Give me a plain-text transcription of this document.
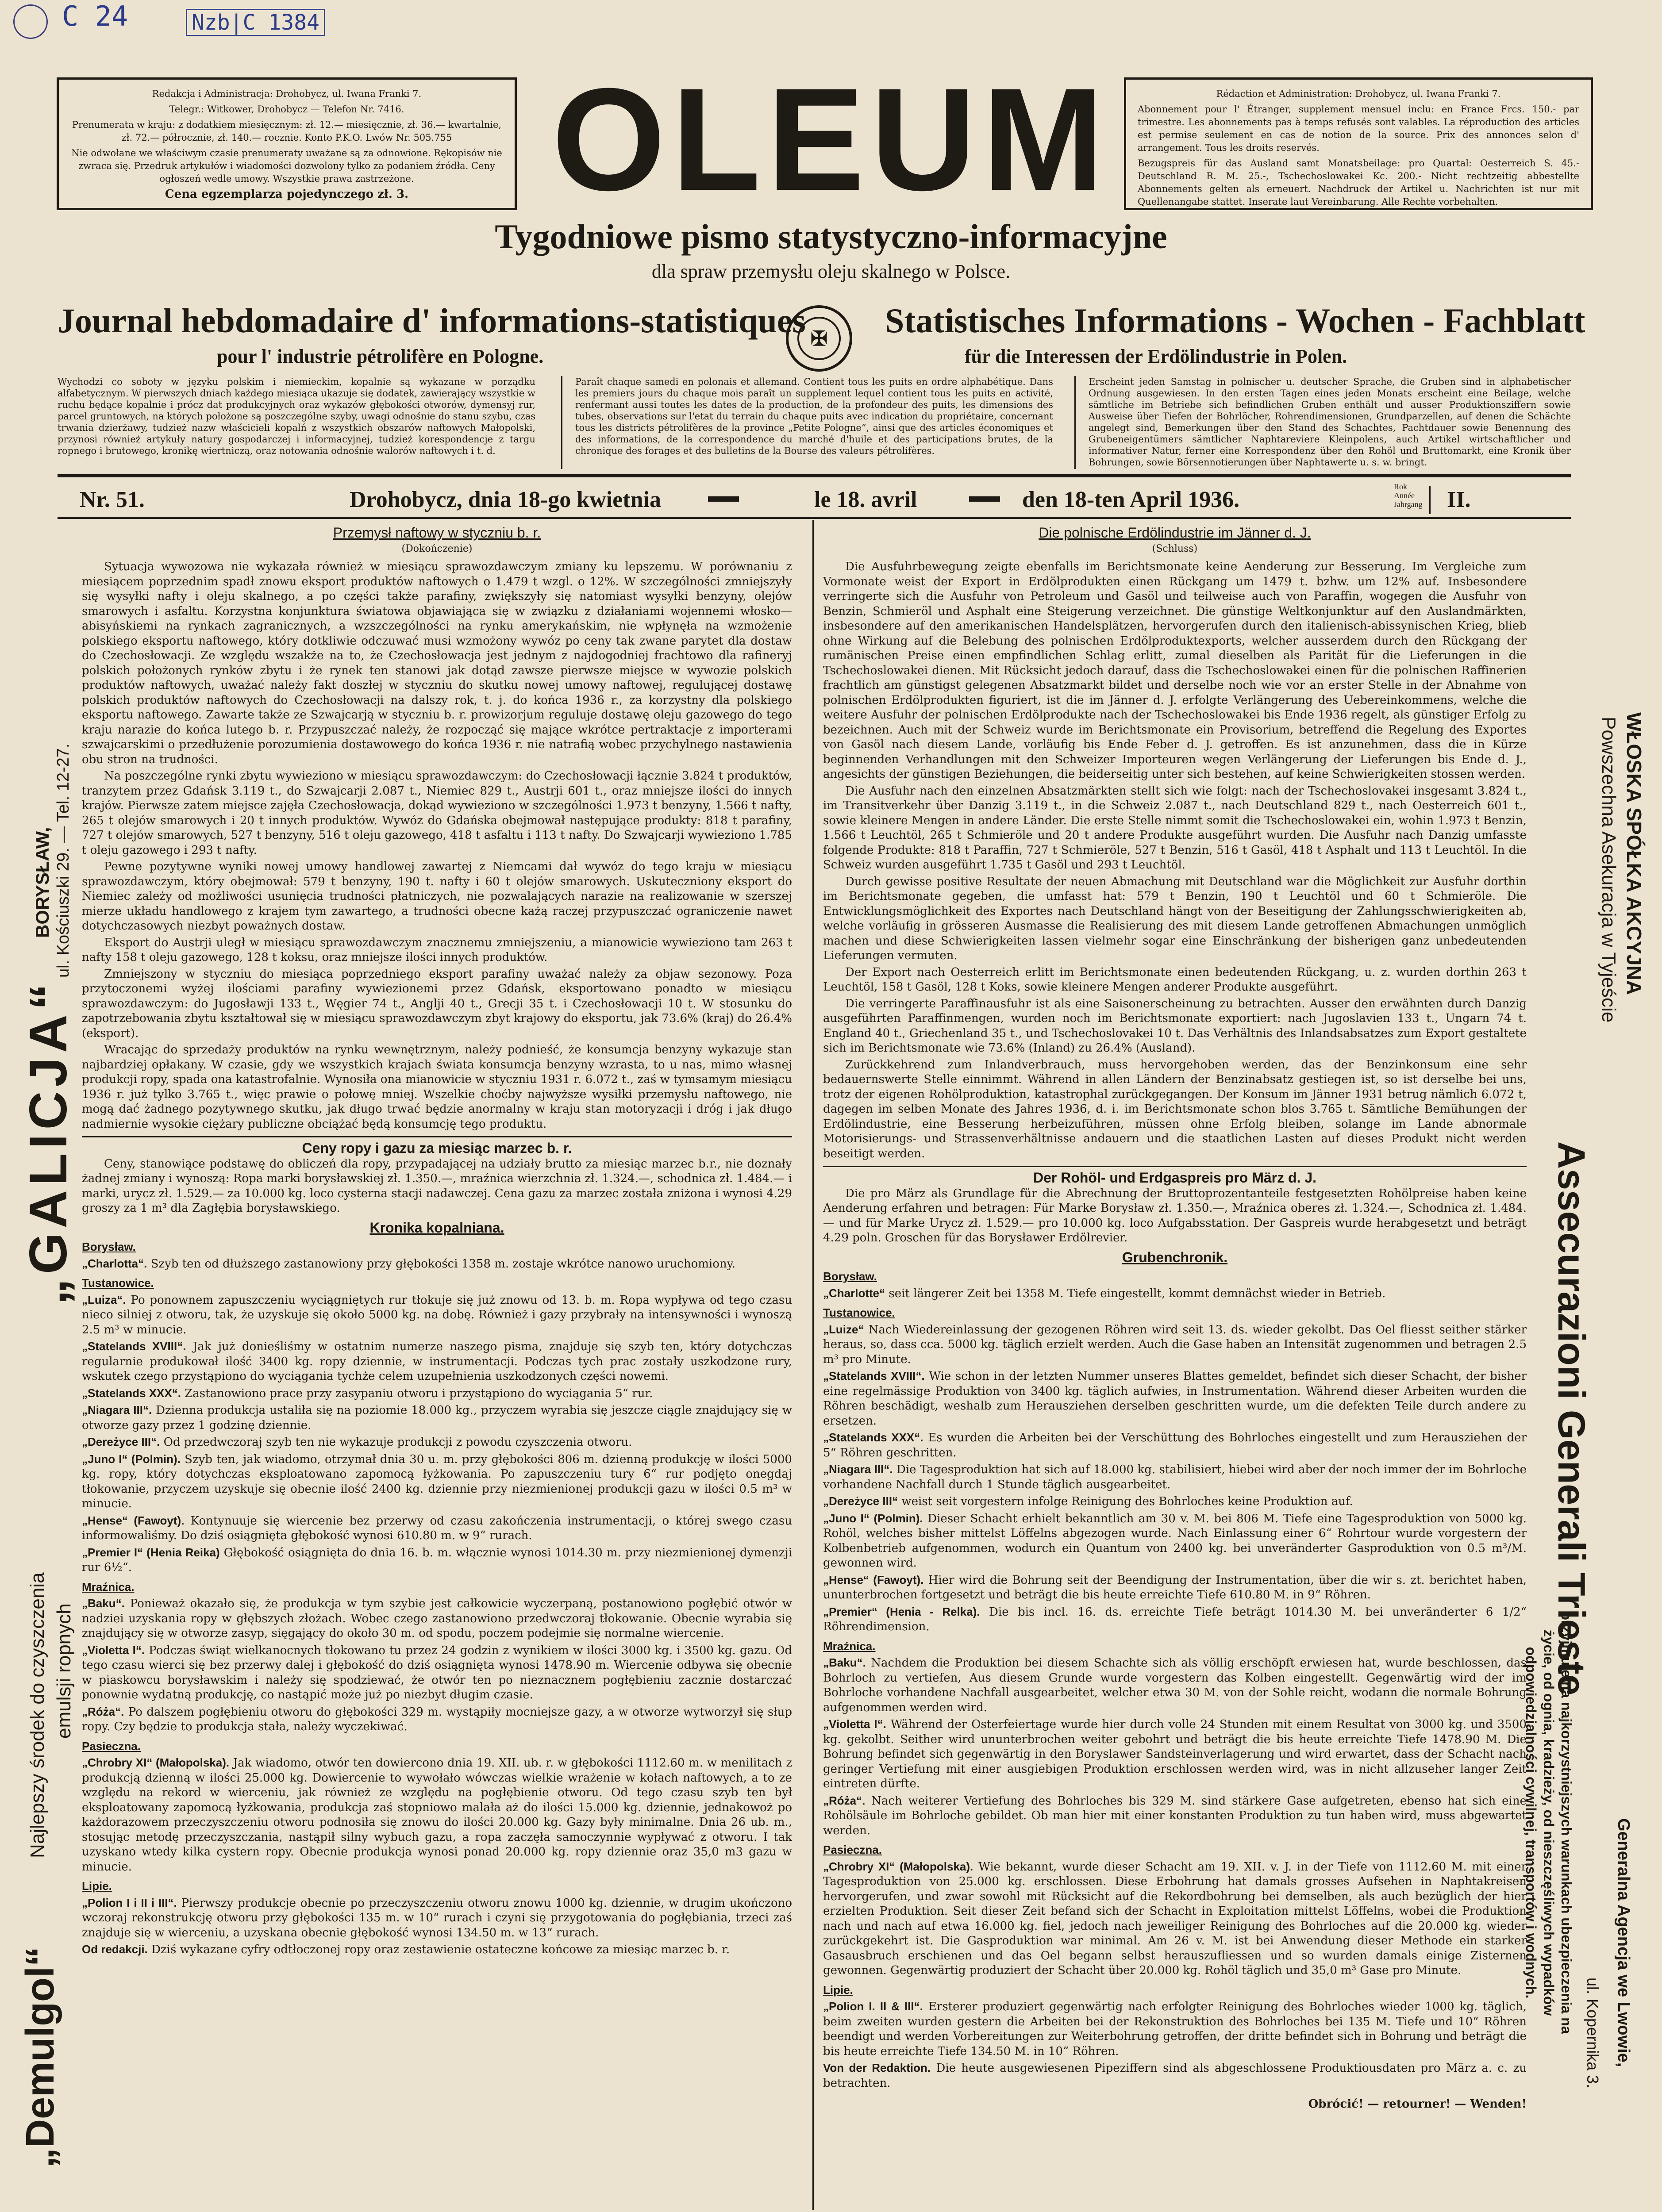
C 24	Nzb|C 1384

Redakcja i Administracja: Drohobycz, ul. Iwana Franki 7.

Telegr.: Witkower, Drohobycz — Telefon Nr. 7416.

Prenumerata w kraju: z dodatkiem miesięcznym: zł. 12.— miesięcznie, zł. 36.— kwartalnie, zł. 72.— półrocznie, zł. 140.— rocznie. Konto P.K.O. Lwów Nr. 505.755

Nie odwołane we właściwym czasie prenumeraty uważane są za odnowione. Rękopisów nie zwraca się. Przedruk artykułów i wiadomości dozwolony tylko za podaniem źródła. Ceny ogłoszeń wedle umowy. Wszystkie prawa zastrzeżone.

Cena egzemplarza pojedynczego zł. 3.

Rédaction et Administration: Drohobycz, ul. Iwana Franki 7.

Abonnement pour l' Étranger, supplement mensuel inclu: en France Frcs. 150.- par trimestre. Les abonnements pas à temps refusés sont valables. La réproduction des articles est permise seulement en cas de notion de la source. Prix des annonces selon d' arrangement. Tous les droits reservés.

Bezugspreis für das Ausland samt Monatsbeilage: pro Quartal: Oesterreich S. 45.- Deutschland R. M. 25.-, Tschechoslowakei Kc. 200.- Nicht rechtzeitig abbestellte Abonnements gelten als erneuert. Nachdruck der Artikel u. Nachrichten ist nur mit Quellenangabe stattet. Inserate laut Vereinbarung. Alle Rechte vorbehalten.

OLEUM
Tygodniowe pismo statystyczno-informacyjne
dla spraw przemysłu oleju skalnego w Polsce.
Journal hebdomadaire d' informations-statistiques
pour l' industrie pétrolifère en Pologne.
✠	Statistisches Informations - Wochen - Fachblatt
für die Interessen der Erdölindustrie in Polen.
Wychodzi co soboty w języku polskim i niemieckim, kopalnie są wykazane w porządku alfabetycznym. W pierwszych dniach każdego miesiąca ukazuje się dodatek, zawierający wszystkie w ruchu będące kopalnie i prócz dat produkcyjnych oraz wykazów głębokości otworów, dymensyj rur, parcel gruntowych, na których położone są poszczególne szyby, uwagi odnośnie do stanu szybu, czas trwania dzierżawy, tudzież nazw właścicieli kopalń z wszystkich obszarów naftowych Małopolski, przynosi również artykuły natury gospodarczej i informacyjnej, tudzież korespondencje z targu ropnego i brutowego, kronikę wiertniczą, oraz notowania odnośnie walorów naftowych i t. d.
Paraît chaque samedi en polonais et allemand. Contient tous les puits en ordre alphabétique. Dans les premiers jours du chaque mois paraît un supplement lequel contient tous les puits en activité, renfermant aussi toutes les dates de la production, de la profondeur des puits, les dimensions des tubes, observations sur l'etat du terrain du chaque puits avec indication du propriétaire, concernant tous les districts pétrolifères de la province „Petite Pologne”, ainsi que des articles économiques et des informations, de la correspondence du marché d'huile et des participations brutes, de la chronique des forages et des bulletins de la Bourse des valeurs pétrolifères.
Erscheint jeden Samstag in polnischer u. deutscher Sprache, die Gruben sind in alphabetischer Ordnung ausgewiesen. In den ersten Tagen eines jeden Monats erscheint eine Beilage, welche sämtliche im Betriebe sich befindlichen Gruben enthält und ausser Produktionsziffern sowie Ausweise über Tiefen der Bohrlöcher, Rohrendimensionen, Grundparzellen, auf denen die Schächte angelegt sind, Bemerkungen über den Stand des Schachtes, Pachtdauer sowie Benennung des Grubeneigentümers sämtlicher Naphtareviere Kleinpolens, auch Artikel wirtschaftlicher und informativer Natur, ferner eine Korrespondenz über den Rohöl und Bruttomarkt, eine Kronik über Bohrungen, sowie Börsennotierungen über Naphtawerte u. s. w. bringt.
Nr. 51.	Drohobycz, dnia 18-go kwietnia	le 18. avril	den 18-ten April 1936.
Rok
Année
Jahrgang II.
Przemysł naftowy w styczniu b. r.
(Dokończenie)

Sytuacja wywozowa nie wykazała również w miesiącu sprawozdawczym zmiany ku lepszemu. W porównaniu z miesiącem poprzednim spadł znowu eksport produktów naftowych o 1.479 t wzgl. o 12%. W szczególności zmniejszyły się wysyłki nafty i oleju skalnego, a po części także parafiny, zwiększyły się natomiast wysyłki benzyny, olejów smarowych i asfaltu. Korzystna konjunktura światowa objawiająca się w związku z działaniami wojennemi włosko—abisyńskiemi na rynkach zagranicznych, a wzszczególności na rynku amerykańskim, nie wpłynęła na wzmożenie polskiego eksportu naftowego, który dotkliwie odczuwać musi wzmożony wywóz po ceny tak zwane parytet dla dostaw do Czechosłowacji. Ze względu wszakże na to, że Czechosłowacja jest jednym z najdogodniej frachtowo dla rafineryj polskich położonych rynków zbytu i że rynek ten stanowi jak dotąd zawsze pierwsze miejsce w wywozie polskich produktów naftowych, uważać należy fakt doszłej w styczniu do skutku nowej umowy naftowej, regulującej dostawę polskich produktów naftowych do Czechosłowacji na dalszy rok, t. j. do końca 1936 r., za korzystny dla polskiego eksportu naftowego. Zawarte także ze Szwajcarją w styczniu b. r. prowizorjum reguluje dostawę oleju gazowego do tego kraju narazie do końca lutego b. r. Przypuszczać należy, że rozpocząć się mające wkrótce pertraktacje z importerami szwajcarskimi o przedłużenie porozumienia dostawowego do końca 1936 r. nie natrafią wobec przychylnego nastawienia obu stron na trudności.

Na poszczególne rynki zbytu wywieziono w miesiącu sprawozdawczym: do Czechosłowacji łącznie 3.824 t produktów, tranzytem przez Gdańsk 3.119 t., do Szwajcarji 2.087 t., Niemiec 829 t., Austrji 601 t., oraz mniejsze ilości do innych krajów. Pierwsze zatem miejsce zajęła Czechosłowacja, dokąd wywieziono w szczególności 1.973 t benzyny, 1.566 t nafty, 265 t olejów smarowych i 20 t innych produktów. Wywóz do Gdańska obejmował następujące produkty: 818 t parafiny, 727 t olejów smarowych, 527 t benzyny, 516 t oleju gazowego, 418 t asfaltu i 113 t nafty. Do Szwajcarji wywieziono 1.785 t oleju gazowego i 293 t nafty.

Pewne pozytywne wyniki nowej umowy handlowej zawartej z Niemcami dał wywóz do tego kraju w miesiącu sprawozdawczym, który obejmował: 579 t benzyny, 190 t. nafty i 60 t olejów smarowych. Uskuteczniony eksport do Niemiec zależy od możliwości usunięcia trudności płatniczych, nie pozwalających narazie na realizowanie w szerszej mierze układu handlowego z krajem tym zawartego, a trudności obecne każą raczej przypuszczać ograniczenie nawet dotychczasowych niezbyt poważnych dostaw.

Eksport do Austrji uległ w miesiącu sprawozdawczym znacznemu zmniejszeniu, a mianowicie wywieziono tam 263 t nafty 158 t oleju gazowego, 128 t koksu, oraz mniejsze ilości innych produktów.

Zmniejszony w styczniu do miesiąca poprzedniego eksport parafiny uważać należy za objaw sezonowy. Poza przytoczonemi wyżej ilościami parafiny wywiezionemi przez Gdańsk, eksportowano ponadto w miesiącu sprawozdawczym: do Jugosławji 133 t., Węgier 74 t., Anglji 40 t., Grecji 35 t. i Czechosłowacji 10 t. W stosunku do zapotrzebowania zbytu kształtował się w miesiącu sprawozdawczym zbyt krajowy do eksportu, jak 73.6% (kraj) do 26.4% (eksport).

Wracając do sprzedaży produktów na rynku wewnętrznym, należy podnieść, że konsumcja benzyny wykazuje stan najbardziej opłakany. W czasie, gdy we wszystkich krajach świata konsumcja benzyny wzrasta, to u nas, mimo własnej produkcji ropy, spada ona katastrofalnie. Wynosiła ona mianowicie w styczniu 1931 r. 6.072 t., zaś w tymsamym miesiącu 1936 r. już tylko 3.765 t., więc prawie o połowę mniej. Wszelkie choćby najwyższe wysiłki przemysłu naftowego, nie mogą dać żadnego pozytywnego skutku, jak długo trwać będzie anormalny w kraju stan motoryzacji i dróg i jak długo nadmiernie wysokie ciężary publiczne obciążać będą konsumcję tego produktu.

Ceny ropy i gazu za miesiąc marzec b. r.

Ceny, stanowiące podstawę do obliczeń dla ropy, przypadającej na udziały brutto za miesiąc marzec b.r., nie doznały żadnej zmiany i wynoszą: Ropa marki borysławskiej zł. 1.350.—, mraźnica wierzchnia zł. 1.324.—, schodnica zł. 1.484.— i marki, urycz zł. 1.529.— za 10.000 kg. loco cysterna stacji nadawczej. Cena gazu za marzec została zniżona i wynosi 4.29 groszy za 1 m³ dla Zagłębia borysławskiego.

Kronika kopalniana.

Borysław.

„Charlotta“. Szyb ten od dłuższego zastanowiony przy głębokości 1358 m. zostaje wkrótce nanowo uruchomiony.

Tustanowice.

„Luiza“. Po ponownem zapuszczeniu wyciągniętych rur tłokuje się już znowu od 13. b. m. Ropa wypływa od tego czasu nieco silniej z otworu, tak, że uzyskuje się około 5000 kg. na dobę. Również i gazy przybrały na intensywności i wynoszą 2.5 m³ w minucie.

„Statelands XVIII“. Jak już donieśliśmy w ostatnim numerze naszego pisma, znajduje się szyb ten, który dotychczas regularnie produkował ilość 3400 kg. ropy dziennie, w instrumentacji. Podczas tych prac zostały uszkodzone rury, wskutek czego przystąpiono do wyciągania tychże celem uzupełnienia uszkodzonych części nowemi.

„Statelands XXX“. Zastanowiono prace przy zasypaniu otworu i przystąpiono do wyciągania 5“ rur.

„Niagara III“. Dzienna produkcja ustaliła się na poziomie 18.000 kg., przyczem wyrabia się jeszcze ciągle znajdujący się w otworze gazy przez 1 godzinę dziennie.

„Dereżyce III“. Od przedwczoraj szyb ten nie wykazuje produkcji z powodu czyszczenia otworu.

„Juno I“ (Polmin). Szyb ten, jak wiadomo, otrzymał dnia 30 u. m. przy głębokości 806 m. dzienną produkcję w ilości 5000 kg. ropy, który dotychczas eksploatowano zapomocą łyżkowania. Po zapuszczeniu tury 6“ rur podjęto onegdaj tłokowanie, przyczem uzyskuje się obecnie ilość 2400 kg. dziennie przy niezmienionej produkcji gazu w ilości 0.5 m³ w minucie.

„Hense“ (Fawoyt). Kontynuuje się wiercenie bez przerwy od czasu zakończenia instrumentacji, o której swego czasu informowaliśmy. Do dziś osiągnięta głębokość wynosi 610.80 m. w 9“ rurach.

„Premier I“ (Henia Reika) Głębokość osiągnięta do dnia 16. b. m. włącznie wynosi 1014.30 m. przy niezmienionej dymenzji rur 6½“.

Mraźnica.

„Baku“. Ponieważ okazało się, że produkcja w tym szybie jest całkowicie wyczerpaną, postanowiono pogłębić otwór w nadziei uzyskania ropy w głębszych złożach. Wobec czego zastanowiono przedwczoraj tłokowanie. Obecnie wyrabia się znajdujący się w otworze zasyp, sięgający do około 30 m. od spodu, poczem podejmie się normalne wiercenie.

„Violetta I“. Podczas świąt wielkanocnych tłokowano tu przez 24 godzin z wynikiem w ilości 3000 kg. i 3500 kg. gazu. Od tego czasu wierci się bez przerwy dalej i głębokość do dziś osiągnięta wynosi 1478.90 m. Wiercenie odbywa się obecnie w piaskowcu borysławskim i należy się spodziewać, że otwór ten po nieznacznem pogłębieniu zacznie dostarczać ponownie wydatną produkcję, co nastąpić może już po niezbyt długim czasie.

„Róża“. Po dalszem pogłębieniu otworu do głębokości 329 m. wystąpiły mocniejsze gazy, a w otworze wytworzył się słup ropy. Czy będzie to produkcja stała, należy wyczekiwać.

Pasieczna.

„Chrobry XI“ (Małopolska). Jak wiadomo, otwór ten dowiercono dnia 19. XII. ub. r. w głębokości 1112.60 m. w menilitach z produkcją dzienną w ilości 25.000 kg. Dowiercenie to wywołało wówczas wielkie wrażenie w kołach naftowych, a to ze względu na rekord w wierceniu, jak również ze względu na pogłębienie otworu. Od tego czasu szyb ten był eksploatowany zapomocą łyżkowania, produkcja zaś stopniowo malała aż do ilości 15.000 kg. dziennie, jednakowoż po każdorazowem przeczyszczeniu otworu podnosiła się znowu do ilości 20.000 kg. Gazy były minimalne. Dnia 26 ub. m., stosując metodę przeczyszczania, nastąpił silny wybuch gazu, a ropa zaczęła samoczynnie wypływać z otworu. I tak uzyskano wtedy kilka cystern ropy. Obecnie produkcja wynosi ponad 20.000 kg. ropy dziennie oraz 35,0 m3 gazu w minucie.

Lipie.

„Polion I i II i III“. Pierwszy produkcje obecnie po przeczyszczeniu otworu znowu 1000 kg. dziennie, w drugim ukończono wczoraj rekonstrukcję otworu przy głębokości 135 m. w 10“ rurach i czyni się przygotowania do pogłębiania, trzeci zaś znajduje się w wierceniu, a uzyskana obecnie głębokość wynosi 134.50 m. w 13“ rurach.

Od redakcji. Dziś wykazane cyfry odtłoczonej ropy oraz zestawienie ostateczne końcowe za miesiąc marzec b. r.

Die polnische Erdölindustrie im Jänner d. J.
(Schluss)

Die Ausfuhrbewegung zeigte ebenfalls im Berichtsmonate keine Aenderung zur Besserung. Im Vergleiche zum Vormonate weist der Export in Erdölprodukten einen Rückgang um 1479 t. bzhw. um 12% auf. Insbesondere verringerte sich die Ausfuhr von Petroleum und Gasöl und teilweise auch von Paraffin, wogegen die Ausfuhr von Benzin, Schmieröl und Asphalt eine Steigerung verzeichnet. Die günstige Weltkonjunktur auf den Auslandmärkten, insbesondere auf den amerikanischen Handelsplätzen, hervorgerufen durch den italienisch-abissynischen Krieg, blieb ohne Wirkung auf die Belebung des polnischen Erdölproduktexports, welcher ausserdem durch den Rückgang der rumänischen Preise einen empfindlichen Schlag erlitt, zumal dieselben als Parität für die Lieferungen in die Tschechoslowakei dienen. Mit Rücksicht jedoch darauf, dass die Tschechoslowakei einen für die polnischen Raffinerien frachtlich am günstigst gelegenen Absatzmarkt bildet und derselbe noch wie vor an erster Stelle in der Abnahme von polnischen Erdölprodukten figuriert, ist die im Jänner d. J. erfolgte Verlängerung des Uebereinkommens, welche die weitere Ausfuhr der polnischen Erdölprodukte nach der Tschechoslowakei bis Ende 1936 regelt, als günstiger Erfolg zu bezeichnen. Auch mit der Schweiz wurde im Berichtsmonate ein Provisorium, betreffend die Regelung des Exportes von Gasöl nach diesem Lande, vorläufig bis Ende Feber d. J. getroffen. Es ist anzunehmen, dass die in Kürze beginnenden Verhandlungen mit den Schweizer Importeuren wegen Verlängerung der Lieferungen bis Ende d. J., angesichts der günstigen Beziehungen, die beiderseitig unter sich bestehen, auf keine Schwierigkeiten stossen werden.

Die Ausfuhr nach den einzelnen Absatzmärkten stellt sich wie folgt: nach der Tschechoslovakei insgesamt 3.824 t., im Transitverkehr über Danzig 3.119 t., in die Schweiz 2.087 t., nach Deutschland 829 t., nach Oesterreich 601 t., sowie kleinere Mengen in andere Länder. Die erste Stelle nimmt somit die Tschechoslowakei ein, wohin 1.973 t Benzin, 1.566 t Leuchtöl, 265 t Schmieröle und 20 t andere Produkte ausgeführt wurden. Die Ausfuhr nach Danzig umfasste folgende Produkte: 818 t Paraffin, 727 t Schmieröle, 527 t Benzin, 516 t Gasöl, 418 t Asphalt und 113 t Leuchtöl. In die Schweiz wurden ausgeführt 1.735 t Gasöl und 293 t Leuchtöl.

Durch gewisse positive Resultate der neuen Abmachung mit Deutschland war die Möglichkeit zur Ausfuhr dorthin im Berichtsmonate gegeben, die umfasst hat: 579 t Benzin, 190 t Leuchtöl und 60 t Schmieröle. Die Entwicklungsmöglichkeit des Exportes nach Deutschland hängt von der Beseitigung der Zahlungsschwierigkeiten ab, welche vorläufig in grösseren Ausmasse die Realisierung des mit diesem Lande getroffenen Abmachungen unmöglich machen und diese Schwierigkeiten lassen vielmehr sogar eine Einschränkung der bisherigen ganz unbedeutenden Lieferungen vermuten.

Der Export nach Oesterreich erlitt im Berichtsmonate einen bedeutenden Rückgang, u. z. wurden dorthin 263 t Leuchtöl, 158 t Gasöl, 128 t Koks, sowie kleinere Mengen anderer Produkte ausgeführt.

Die verringerte Paraffinausfuhr ist als eine Saisonerscheinung zu betrachten. Ausser den erwähnten durch Danzig ausgeführten Paraffinmengen, wurden noch im Berichtsmonate exportiert: nach Jugoslavien 133 t., Ungarn 74 t. England 40 t., Griechenland 35 t., und Tschechoslovakei 10 t. Das Verhältnis des Inlandsabsatzes zum Export gestaltete sich im Berichtsmonate wie 73.6% (Inland) zu 26.4% (Ausland).

Zurückkehrend zum Inlandverbrauch, muss hervorgehoben werden, das der Benzinkonsum eine sehr bedauernswerte Stelle einnimmt. Während in allen Ländern der Benzinabsatz gestiegen ist, so ist derselbe bei uns, trotz der eigenen Rohölproduktion, katastrophal zurückgegangen. Der Konsum im Jänner 1931 betrug nämlich 6.072 t, dagegen im selben Monate des Jahres 1936, d. i. im Berichtsmonate schon blos 3.765 t. Sämtliche Bemühungen der Erdölindustrie, eine Besserung herbeizuführen, müssen ohne Erfolg bleiben, solange im Lande abnormale Motorisierungs- und Strassenverhältnisse andauern und die staatlichen Lasten auf dieses Produkt nicht werden beseitigt werden.

Der Rohöl- und Erdgaspreis pro März d. J.

Die pro März als Grundlage für die Abrechnung der Bruttoprozentanteile festgesetzten Rohölpreise haben keine Aenderung erfahren und betragen: Für Marke Borysław zł. 1.350.—, Mraźnica oberes zł. 1.324.—, Schodnica zł. 1.484.— und für Marke Urycz zł. 1.529.— pro 10.000 kg. loco Aufgabsstation. Der Gaspreis wurde herabgesetzt und beträgt 4.29 poln. Groschen für das Borysławer Erdölrevier.

Grubenchronik.

Borysław.

„Charlotte“ seit längerer Zeit bei 1358 M. Tiefe eingestellt, kommt demnächst wieder in Betrieb.

Tustanowice.

„Luize“ Nach Wiedereinlassung der gezogenen Röhren wird seit 13. ds. wieder gekolbt. Das Oel fliesst seither stärker heraus, so, dass cca. 5000 kg. täglich erzielt werden. Auch die Gase haben an Intensität zugenommen und betragen 2.5 m³ pro Minute.

„Statelands XVIII“. Wie schon in der letzten Nummer unseres Blattes gemeldet, befindet sich dieser Schacht, der bisher eine regelmässige Produktion von 3400 kg. täglich aufwies, in Instrumentation. Während dieser Arbeiten wurden die Röhren beschädigt, weshalb zum Herausziehen derselben geschritten wurde, um die defekten Teile durch andere zu ersetzen.

„Statelands XXX“. Es wurden die Arbeiten bei der Verschüttung des Bohrloches eingestellt und zum Herausziehen der 5“ Röhren geschritten.

„Niagara III“. Die Tagesproduktion hat sich auf 18.000 kg. stabilisiert, hiebei wird aber der noch immer der im Bohrloche vorhandene Nachfall durch 1 Stunde täglich ausgearbeitet.

„Dereżyce III“ weist seit vorgestern infolge Reinigung des Bohrloches keine Produktion auf.

„Juno I“ (Polmin). Dieser Schacht erhielt bekanntlich am 30 v. M. bei 806 M. Tiefe eine Tagesproduktion von 5000 kg. Rohöl, welches bisher mittelst Löffelns abgezogen wurde. Nach Einlassung einer 6“ Rohrtour wurde vorgestern der Kolbenbetrieb aufgenommen, wodurch ein Quantum von 2400 kg. bei unveränderter Gasproduktion von 0.5 m³/M. gewonnen wird.

„Hense“ (Fawoyt). Hier wird die Bohrung seit der Beendigung der Instrumentation, über die wir s. zt. berichtet haben, ununterbrochen fortgesetzt und beträgt die bis heute erreichte Tiefe 610.80 M. in 9“ Röhren.

„Premier“ (Henia - Relka). Die bis incl. 16. ds. erreichte Tiefe beträgt 1014.30 M. bei unveränderter 6 1/2“ Röhrendimension.

Mraźnica.

„Baku“. Nachdem die Produktion bei diesem Schachte sich als völlig erschöpft erwiesen hat, wurde beschlossen, das Bohrloch zu vertiefen, Aus diesem Grunde wurde vorgestern das Kolben eingestellt. Gegenwärtig wird der im Bohrloche vorhandene Nachfall ausgearbeitet, welcher etwa 30 M. von der Sohle reicht, wodann die normale Bohrung aufgenommen werden wird.

„Violetta I“. Während der Osterfeiertage wurde hier durch volle 24 Stunden mit einem Resultat von 3000 kg. und 3500 kg. gekolbt. Seither wird ununterbrochen weiter gebohrt und beträgt die bis heute erreichte Tiefe 1478.90 M. Die Bohrung befindet sich gegenwärtig in den Boryslawer Sandsteinverlagerung und wird erwartet, dass der Schacht nach geringer Vertiefung mit einer ausgiebigen Produktion erschlossen werden wird, was in nicht allzuseher langer Zeit eintreten dürfte.

„Róża“. Nach weiterer Vertiefung des Bohrloches bis 329 M. sind stärkere Gase aufgetreten, ebenso hat sich eine Rohölsäule im Bohrloche gebildet. Ob man hier mit einer konstanten Produktion zu tun haben wird, muss abgewartet werden.

Pasieczna.

„Chrobry XI“ (Małopolska). Wie bekannt, wurde dieser Schacht am 19. XII. v. J. in der Tiefe von 1112.60 M. mit einer Tagesproduktion von 25.000 kg. erschlossen. Diese Erbohrung hat damals grosses Aufsehen in Naphtakreisen hervorgerufen, und zwar sowohl mit Rücksicht auf die Rekordbohrung bei demselben, als auch bezüglich der hier erzielten Produktion. Seit dieser Zeit befand sich der Schacht in Exploitation mittelst Löffelns, wobei die Produktion nach und nach auf etwa 16.000 kg. fiel, jedoch nach jeweiliger Reinigung des Bohrloches auf die 20.000 kg. wieder zurückgekehrt ist. Die Gasproduktion war minimal. Am 26 v. M. ist bei Anwendung dieser Methode ein starker Gasausbruch erschienen und das Oel begann selbst herauszufliessen und so wurden damals einige Zisternen gewonnen. Gegenwärtig produziert der Schacht über 20.000 kg. Rohöl täglich und 35,0 m³ Gase pro Minute.

Lipie.

„Polion I. II & III“. Ersterer produziert gegenwärtig nach erfolgter Reinigung des Bohrloches wieder 1000 kg. täglich, beim zweiten wurden gestern die Arbeiten bei der Rekonstruktion des Bohrloches bei 135 M. Tiefe und 10“ Röhren beendigt und werden Vorbereitungen zur Weiterbohrung getroffen, der dritte befindet sich in Bohrung und beträgt die bis heute erreichte Tiefe 134.50 M. in 10“ Röhren.

Von der Redaktion. Die heute ausgewiesenen Pipeziffern sind als abgeschlossene Produktiousdaten pro März a. c. zu betrachten.

Obrócić! — retourner! — Wenden!

BORYSŁAW, ul. Kościuszki 29. — Tel. 12-27.
„GALICJA“
Najlepszy środek do czyszczenia emulsji ropnych
„Demulgol“
WŁOSKA SPÓŁKA AKCYJNA
Powszechna Asekuracja w Tyjeście
Assecurazioni Generali Trieste
przyjmuje na najkorzystniejszych warunkach ubezpieczenia na życie, od ognia, kradzieży, od nieszczęśliwych wypadków odpowiedzialności cywilnej, transportów i wodnych.	Generalna Agencja we Lwowie,
ul. Kopernika 3.
